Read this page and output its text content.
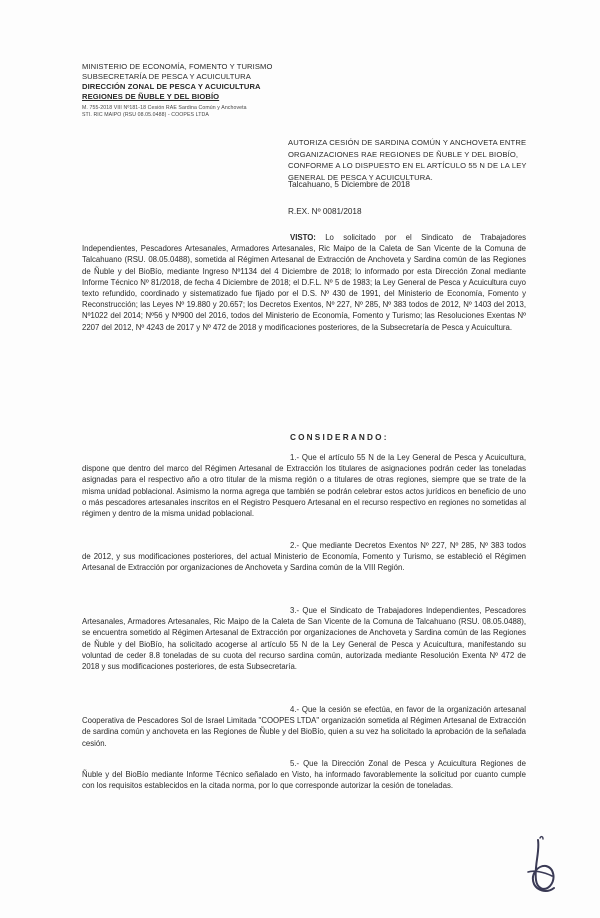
MINISTERIO DE ECONOMÍA, FOMENTO Y TURISMO
SUBSECRETARÍA DE PESCA Y ACUICULTURA
DIRECCIÓN ZONAL DE PESCA Y ACUICULTURA
REGIONES DE ÑUBLE Y DEL BIOBÍO
M. 755-2018 VIII Nº181-18 Cesión RAE Sardina Común y Anchoveta
STI. RIC MAIPO (RSU 08.05.0488) - COOPES LTDA
AUTORIZA CESIÓN DE SARDINA COMÚN Y ANCHOVETA ENTRE ORGANIZACIONES RAE REGIONES DE ÑUBLE Y DEL BIOBÍO, CONFORME A LO DISPUESTO EN EL ARTÍCULO 55 N DE LA LEY GENERAL DE PESCA Y ACUICULTURA.
Talcahuano, 5 Diciembre de 2018
R.EX. Nº 0081/2018
VISTO: Lo solicitado por el Sindicato de Trabajadores Independientes, Pescadores Artesanales, Armadores Artesanales, Ric Maipo de la Caleta de San Vicente de la Comuna de Talcahuano (RSU. 08.05.0488), sometida al Régimen Artesanal de Extracción de Anchoveta y Sardina común de las Regiones de Ñuble y del BioBío, mediante Ingreso Nº1134 del 4 Diciembre de 2018; lo informado por esta Dirección Zonal mediante Informe Técnico Nº 81/2018, de fecha 4 Diciembre de 2018; el D.F.L. Nº 5 de 1983; la Ley General de Pesca y Acuicultura cuyo texto refundido, coordinado y sistematizado fue fijado por el D.S. Nº 430 de 1991, del Ministerio de Economía, Fomento y Reconstrucción; las Leyes Nº 19.880 y 20.657; los Decretos Exentos, Nº 227, Nº 285, Nº 383 todos de 2012, Nº 1403 del 2013, Nº1022 del 2014; Nº56 y Nº900 del 2016, todos del Ministerio de Economía, Fomento y Turismo; las Resoluciones Exentas Nº 2207 del 2012, Nº 4243 de 2017 y Nº 472 de 2018 y modificaciones posteriores, de la Subsecretaría de Pesca y Acuicultura.
CONSIDERANDO:
1.- Que el artículo 55 N de la Ley General de Pesca y Acuicultura, dispone que dentro del marco del Régimen Artesanal de Extracción los titulares de asignaciones podrán ceder las toneladas asignadas para el respectivo año a otro titular de la misma región o a titulares de otras regiones, siempre que se trate de la misma unidad poblacional. Asimismo la norma agrega que también se podrán celebrar estos actos jurídicos en beneficio de uno o más pescadores artesanales inscritos en el Registro Pesquero Artesanal en el recurso respectivo en regiones no sometidas al régimen y dentro de la misma unidad poblacional.
2.- Que mediante Decretos Exentos Nº 227, Nº 285, Nº 383 todos de 2012, y sus modificaciones posteriores, del actual Ministerio de Economía, Fomento y Turismo, se estableció el Régimen Artesanal de Extracción por organizaciones de Anchoveta y Sardina común de la VIII Región.
3.- Que el Sindicato de Trabajadores Independientes, Pescadores Artesanales, Armadores Artesanales, Ric Maipo de la Caleta de San Vicente de la Comuna de Talcahuano (RSU. 08.05.0488), se encuentra sometido al Régimen Artesanal de Extracción por organizaciones de Anchoveta y Sardina común de las Regiones de Ñuble y del BioBío, ha solicitado acogerse al artículo 55 N de la Ley General de Pesca y Acuicultura, manifestando su voluntad de ceder 8.8 toneladas de su cuota del recurso sardina común, autorizada mediante Resolución Exenta Nº 472 de 2018 y sus modificaciones posteriores, de esta Subsecretaría.
4.- Que la cesión se efectúa, en favor de la organización artesanal Cooperativa de Pescadores Sol de Israel Limitada "COOPES LTDA" organización sometida al Régimen Artesanal de Extracción de sardina común y anchoveta en las Regiones de Ñuble y del BioBío, quien a su vez ha solicitado la aprobación de la señalada cesión.
5.- Que la Dirección Zonal de Pesca y Acuicultura Regiones de Ñuble y del BioBío mediante Informe Técnico señalado en Visto, ha informado favorablemente la solicitud por cuanto cumple con los requisitos establecidos en la citada norma, por lo que corresponde autorizar la cesión de toneladas.
